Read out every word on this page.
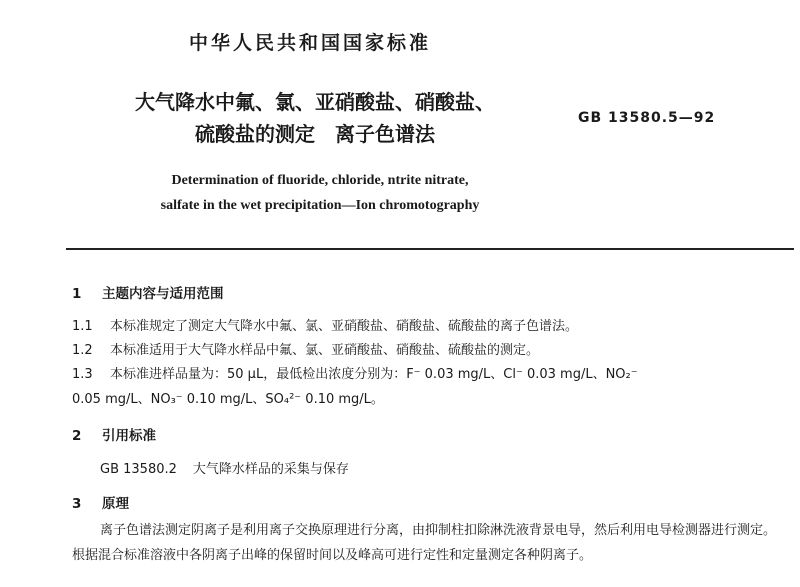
中华人民共和国国家标准
大气降水中氟、氯、亚硝酸盐、硝酸盐、
硫酸盐的测定　离子色谱法
GB 13580.5—92
Determination of fluoride, chloride, ntrite nitrate,
salfate in the wet precipitation—Ion chromotography
1 主题内容与适用范围
1.1 本标准规定了测定大气降水中氟、氯、亚硝酸盐、硝酸盐、硫酸盐的离子色谱法。
1.2 本标准适用于大气降水样品中氟、氯、亚硝酸盐、硝酸盐、硫酸盐的测定。
1.3 本标准进样品量为：50 μL，最低检出浓度分别为：F⁻ 0.03 mg/L、Cl⁻ 0.03 mg/L、NO₂⁻
0.05 mg/L、NO₃⁻ 0.10 mg/L、SO₄²⁻ 0.10 mg/L。
2 引用标准
GB 13580.2 大气降水样品的采集与保存
3 原理
离子色谱法测定阴离子是利用离子交换原理进行分离，由抑制柱扣除淋洗液背景电导，然后利用电导检测器进行测定。根据混合标准溶液中各阴离子出峰的保留时间以及峰高可进行定性和定量测定各种阴离子。
